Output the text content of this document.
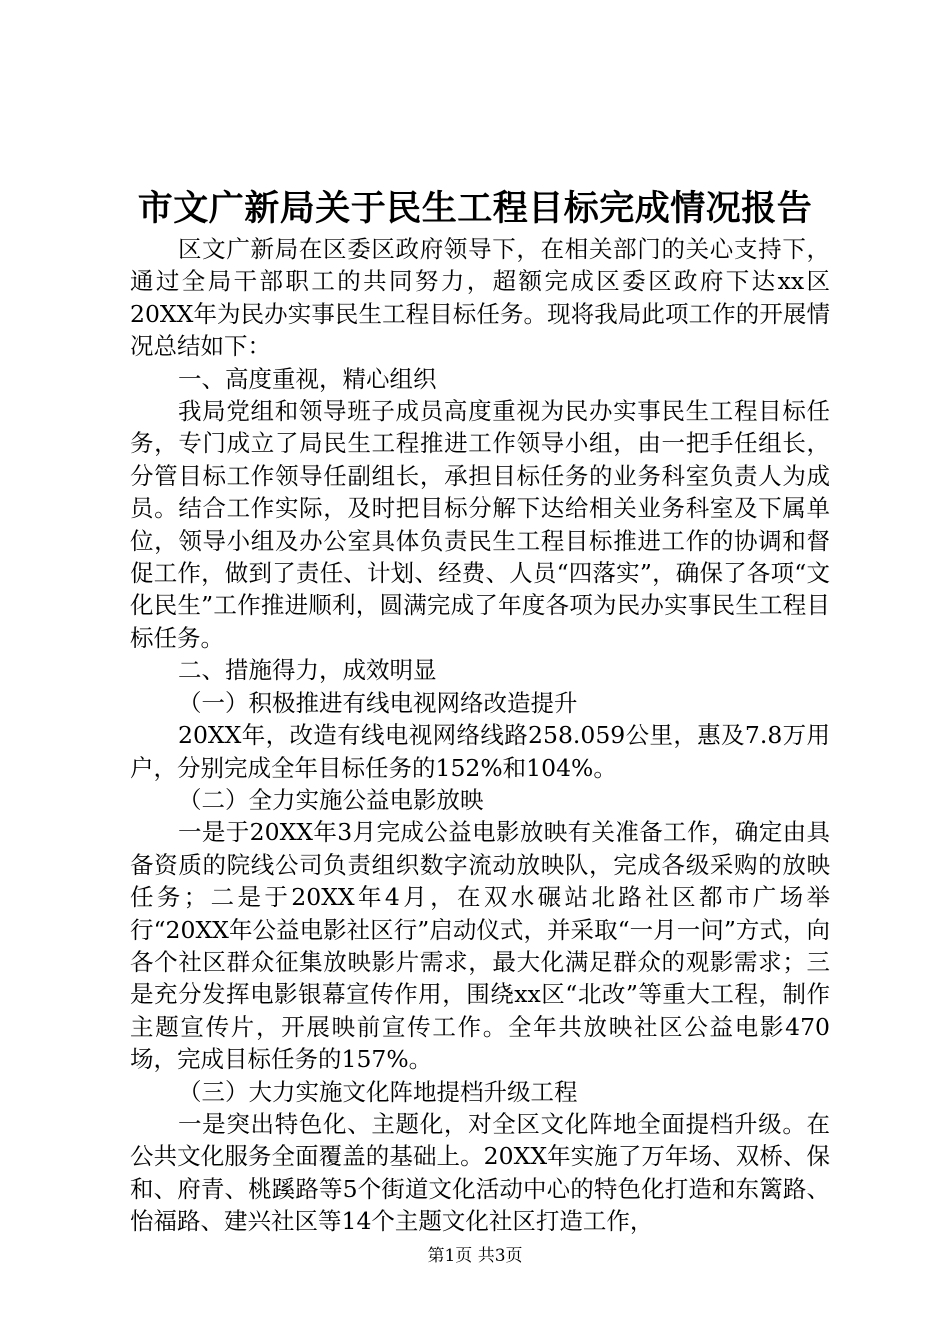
市文广新局关于民生工程目标完成情况报告

区文广新局在区委区政府领导下，在相关部门的关心支持下，通过全局干部职工的共同努力，超额完成区委区政府下达xx区20XX年为民办实事民生工程目标任务。现将我局此项工作的开展情况总结如下：

一、高度重视，精心组织

我局党组和领导班子成员高度重视为民办实事民生工程目标任务，专门成立了局民生工程推进工作领导小组，由一把手任组长，分管目标工作领导任副组长，承担目标任务的业务科室负责人为成员。结合工作实际，及时把目标分解下达给相关业务科室及下属单位，领导小组及办公室具体负责民生工程目标推进工作的协调和督促工作，做到了责任、计划、经费、人员“四落实”，确保了各项“文化民生”工作推进顺利，圆满完成了年度各项为民办实事民生工程目标任务。

二、措施得力，成效明显

（一）积极推进有线电视网络改造提升

20XX年，改造有线电视网络线路258.059公里，惠及7.8万用户，分别完成全年目标任务的152%和104%。

（二）全力实施公益电影放映

一是于20XX年3月完成公益电影放映有关准备工作，确定由具备资质的院线公司负责组织数字流动放映队，完成各级采购的放映任务；二是于20XX年4月，在双水碾站北路社区都市广场举行“20XX年公益电影社区行”启动仪式，并采取“一月一问”方式，向各个社区群众征集放映影片需求，最大化满足群众的观影需求；三是充分发挥电影银幕宣传作用，围绕xx区“北改”等重大工程，制作主题宣传片，开展映前宣传工作。全年共放映社区公益电影470场，完成目标任务的157%。

（三）大力实施文化阵地提档升级工程

一是突出特色化、主题化，对全区文化阵地全面提档升级。在公共文化服务全面覆盖的基础上。20XX年实施了万年场、双桥、保和、府青、桃蹊路等5个街道文化活动中心的特色化打造和东篱路、怡福路、建兴社区等14个主题文化社区打造工作，

第1页 共3页
